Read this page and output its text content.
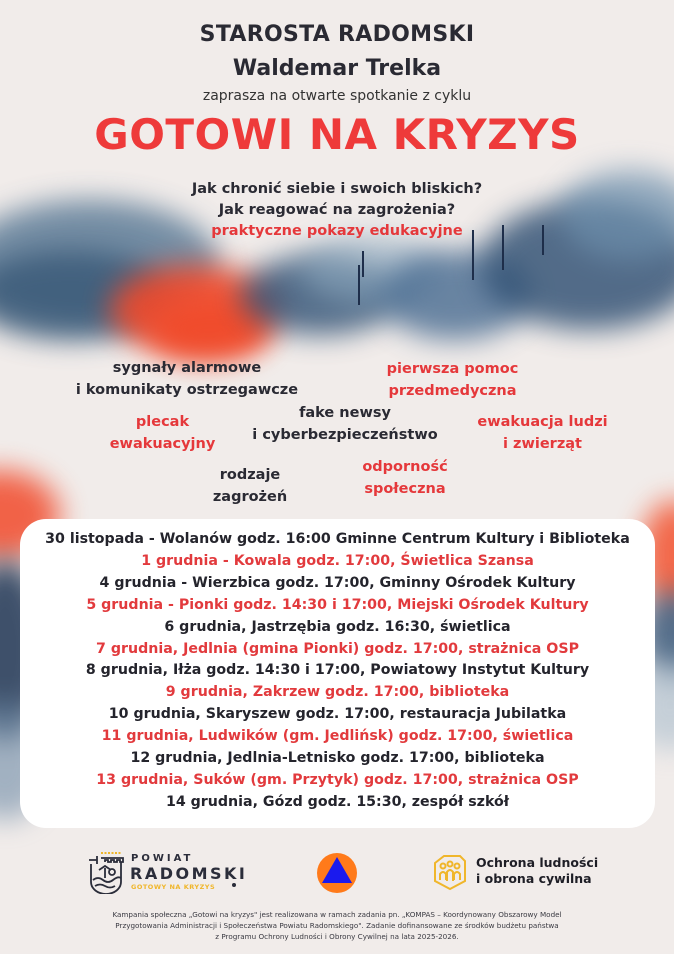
STAROSTA RADOMSKI
Waldemar Trelka
zaprasza na otwarte spotkanie z cyklu
GOTOWI NA KRYZYS
Jak chronić siebie i swoich bliskich?
Jak reagować na zagrożenia?
praktyczne pokazy edukacyjne
sygnały alarmowe
i komunikaty ostrzegawcze
pierwsza pomoc
przedmedyczna
plecak
ewakuacyjny
fake newsy
i cyberbezpieczeństwo
ewakuacja ludzi
i zwierząt
rodzaje
zagrożeń
odporność
społeczna
30 listopada - Wolanów godz. 16:00 Gminne Centrum Kultury i Biblioteka
1 grudnia - Kowala godz. 17:00, Świetlica Szansa
4 grudnia - Wierzbica godz. 17:00, Gminny Ośrodek Kultury
5 grudnia - Pionki godz. 14:30 i 17:00, Miejski Ośrodek Kultury
6 grudnia, Jastrzębia godz. 16:30, świetlica
7 grudnia, Jedlnia (gmina Pionki) godz. 17:00, strażnica OSP
8 grudnia, Iłża godz. 14:30 i 17:00, Powiatowy Instytut Kultury
9 grudnia, Zakrzew godz. 17:00, biblioteka
10 grudnia, Skaryszew godz. 17:00, restauracja Jubilatka
11 grudnia, Ludwików (gm. Jedlińsk) godz. 17:00, świetlica
12 grudnia, Jedlnia-Letnisko godz. 17:00, biblioteka
13 grudnia, Suków (gm. Przytyk) godz. 17:00, strażnica OSP
14 grudnia, Gózd godz. 15:30, zespół szkół
POWIAT
RADOMSKI
GOTOWY NA KRYZYS
Ochrona ludności
i obrona cywilna
Kampania społeczna „Gotowi na kryzys" jest realizowana w ramach zadania pn. „KOMPAS – Koordynowany Obszarowy Model
Przygotowania Administracji i Społeczeństwa Powiatu Radomskiego". Zadanie dofinansowane ze środków budżetu państwa
z Programu Ochrony Ludności i Obrony Cywilnej na lata 2025-2026.
